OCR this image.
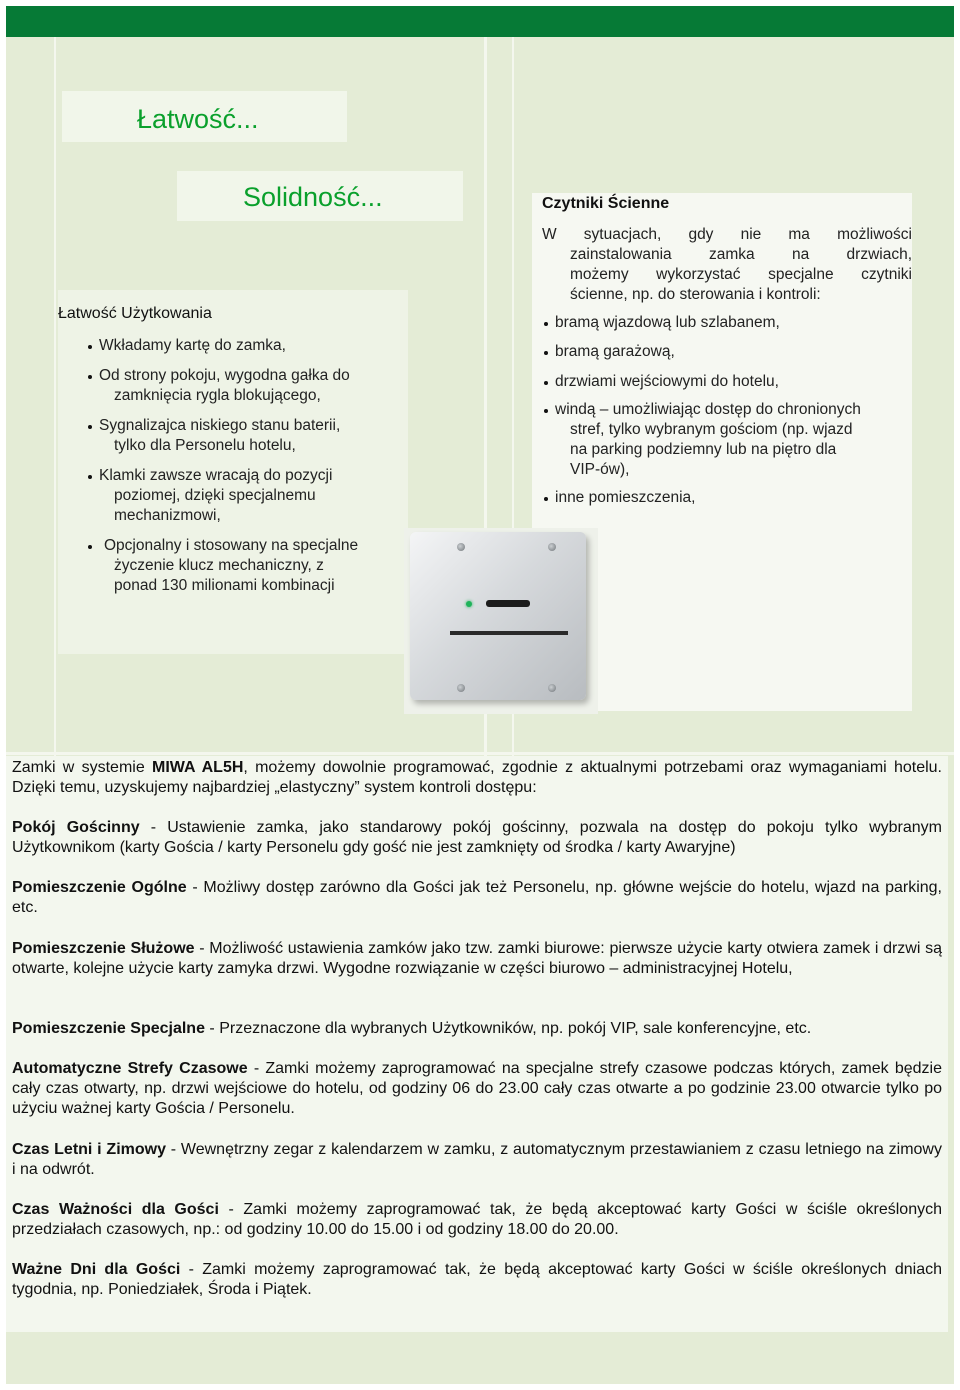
Łatwość...
Solidność...
Łatwość Użytkowania
Wkładamy kartę do zamka,
Od strony pokoju, wygodna gałka do
zamknięcia rygla blokującego,
Sygnalizajca niskiego stanu baterii,
tylko dla Personelu hotelu,
Klamki zawsze wracają do pozycji
poziomej, dzięki specjalnemu
mechanizmowi,
Opcjonalny i stosowany na specjalne
życzenie klucz mechaniczny, z
ponad 130 milionami kombinacji
Czytniki Ścienne
W sytuacjach, gdy nie ma możliwości
zainstalowania zamka na drzwiach,
możemy wykorzystać specjalne czytniki
ścienne, np. do sterowania i kontroli:
bramą wjazdową lub szlabanem,
bramą garażową,
drzwiami wejściowymi do hotelu,
windą – umożliwiając dostęp do chronionych
stref, tylko wybranym gościom (np. wjazd
na parking podziemny lub na piętro dla
VIP-ów),
inne pomieszczenia,

Zamki w systemie MIWA AL5H, możemy dowolnie programować, zgodnie z aktualnymi potrzebami oraz wymaganiami hotelu. Dzięki temu, uzyskujemy najbardziej „elastyczny” system kontroli dostępu:

Pokój Gościnny - Ustawienie zamka, jako standarowy pokój gościnny, pozwala na dostęp do pokoju tylko wybranym Użytkownikom (karty Gościa / karty Personelu gdy gość nie jest zamknięty od środka / karty Awaryjne)

Pomieszczenie Ogólne - Możliwy dostęp zarówno dla Gości jak też Personelu, np. główne wejście do hotelu, wjazd na parking, etc.

Pomieszczenie Służowe - Możliwość ustawienia zamków jako tzw. zamki biurowe: pierwsze użycie karty otwiera zamek i drzwi są otwarte, kolejne użycie karty zamyka drzwi. Wygodne rozwiązanie w części biurowo – administracyjnej Hotelu,

Pomieszczenie Specjalne - Przeznaczone dla wybranych Użytkowników, np. pokój VIP, sale konferencyjne, etc.

Automatyczne Strefy Czasowe - Zamki możemy zaprogramować na specjalne strefy czasowe podczas których, zamek będzie cały czas otwarty, np. drzwi wejściowe do hotelu, od godziny 06 do 23.00 cały czas otwarte a po godzinie 23.00 otwarcie tylko po użyciu ważnej karty Gościa / Personelu.

Czas Letni i Zimowy - Wewnętrzny zegar z kalendarzem w zamku, z automatycznym przestawianiem z czasu letniego na zimowy i na odwrót.

Czas Ważności dla Gości - Zamki możemy zaprogramować tak, że będą akceptować karty Gości w ściśle określonych przedziałach czasowych, np.: od godziny 10.00 do 15.00 i od godziny 18.00 do 20.00.

Ważne Dni dla Gości - Zamki możemy zaprogramować tak, że będą akceptować karty Gości w ściśle określonych dniach tygodnia, np. Poniedziałek, Środa i Piątek.
